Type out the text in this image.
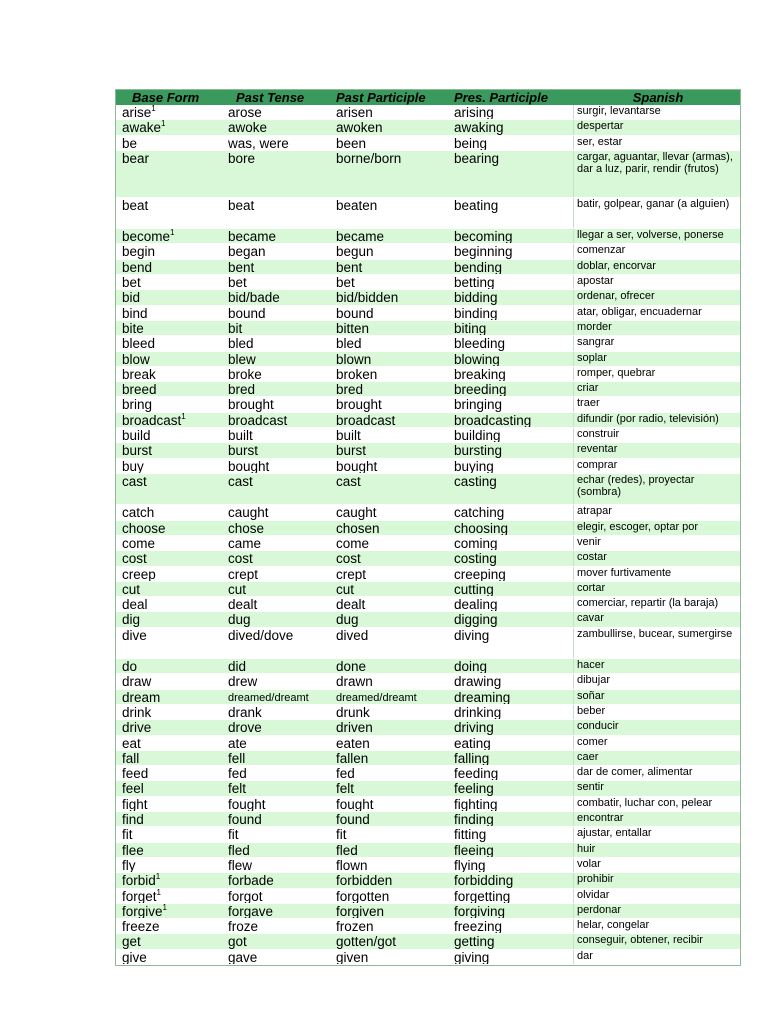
Base Form	Past Tense	Past Participle	Pres. Participle	Spanish
arise$^1$	arose	arisen	arising	surgir, levantarse
awake$^1$	awoke	awoken	awaking	despertar
be	was, were	been	being	ser, estar
bear	bore	borne/born	bearing	cargar, aguantar, llevar (armas), dar a luz, parir, rendir (frutos)
beat	beat	beaten	beating	batir, golpear, ganar (a alguien)
become$^1$	became	became	becoming	llegar a ser, volverse, ponerse
begin	began	begun	beginning	comenzar
bend	bent	bent	bending	doblar, encorvar
bet	bet	bet	betting	apostar
bid	bid/bade	bid/bidden	bidding	ordenar, ofrecer
bind	bound	bound	binding	atar, obligar, encuadernar
bite	bit	bitten	biting	morder
bleed	bled	bled	bleeding	sangrar
blow	blew	blown	blowing	soplar
break	broke	broken	breaking	romper, quebrar
breed	bred	bred	breeding	criar
bring	brought	brought	bringing	traer
broadcast$^1$	broadcast	broadcast	broadcasting	difundir (por radio, televisión)
build	built	built	building	construir
burst	burst	burst	bursting	reventar
buy	bought	bought	buying	comprar
cast	cast	cast	casting	echar (redes), proyectar (sombra)
catch	caught	caught	catching	atrapar
choose	chose	chosen	choosing	elegir, escoger, optar por
come	came	come	coming	venir
cost	cost	cost	costing	costar
creep	crept	crept	creeping	mover furtivamente
cut	cut	cut	cutting	cortar
deal	dealt	dealt	dealing	comerciar, repartir (la baraja)
dig	dug	dug	digging	cavar
dive	dived/dove	dived	diving	zambullirse, bucear, sumergirse
do	did	done	doing	hacer
draw	drew	drawn	drawing	dibujar
dream	dreamed/dreamt	dreamed/dreamt	dreaming	soñar
drink	drank	drunk	drinking	beber
drive	drove	driven	driving	conducir
eat	ate	eaten	eating	comer
fall	fell	fallen	falling	caer
feed	fed	fed	feeding	dar de comer, alimentar
feel	felt	felt	feeling	sentir
fight	fought	fought	fighting	combatir, luchar con, pelear
find	found	found	finding	encontrar
fit	fit	fit	fitting	ajustar, entallar
flee	fled	fled	fleeing	huir
fly	flew	flown	flying	volar
forbid$^1$	forbade	forbidden	forbidding	prohibir
forget$^1$	forgot	forgotten	forgetting	olvidar
forgive$^1$	forgave	forgiven	forgiving	perdonar
freeze	froze	frozen	freezing	helar, congelar
get	got	gotten/got	getting	conseguir, obtener, recibir
give	gave	given	giving	dar
